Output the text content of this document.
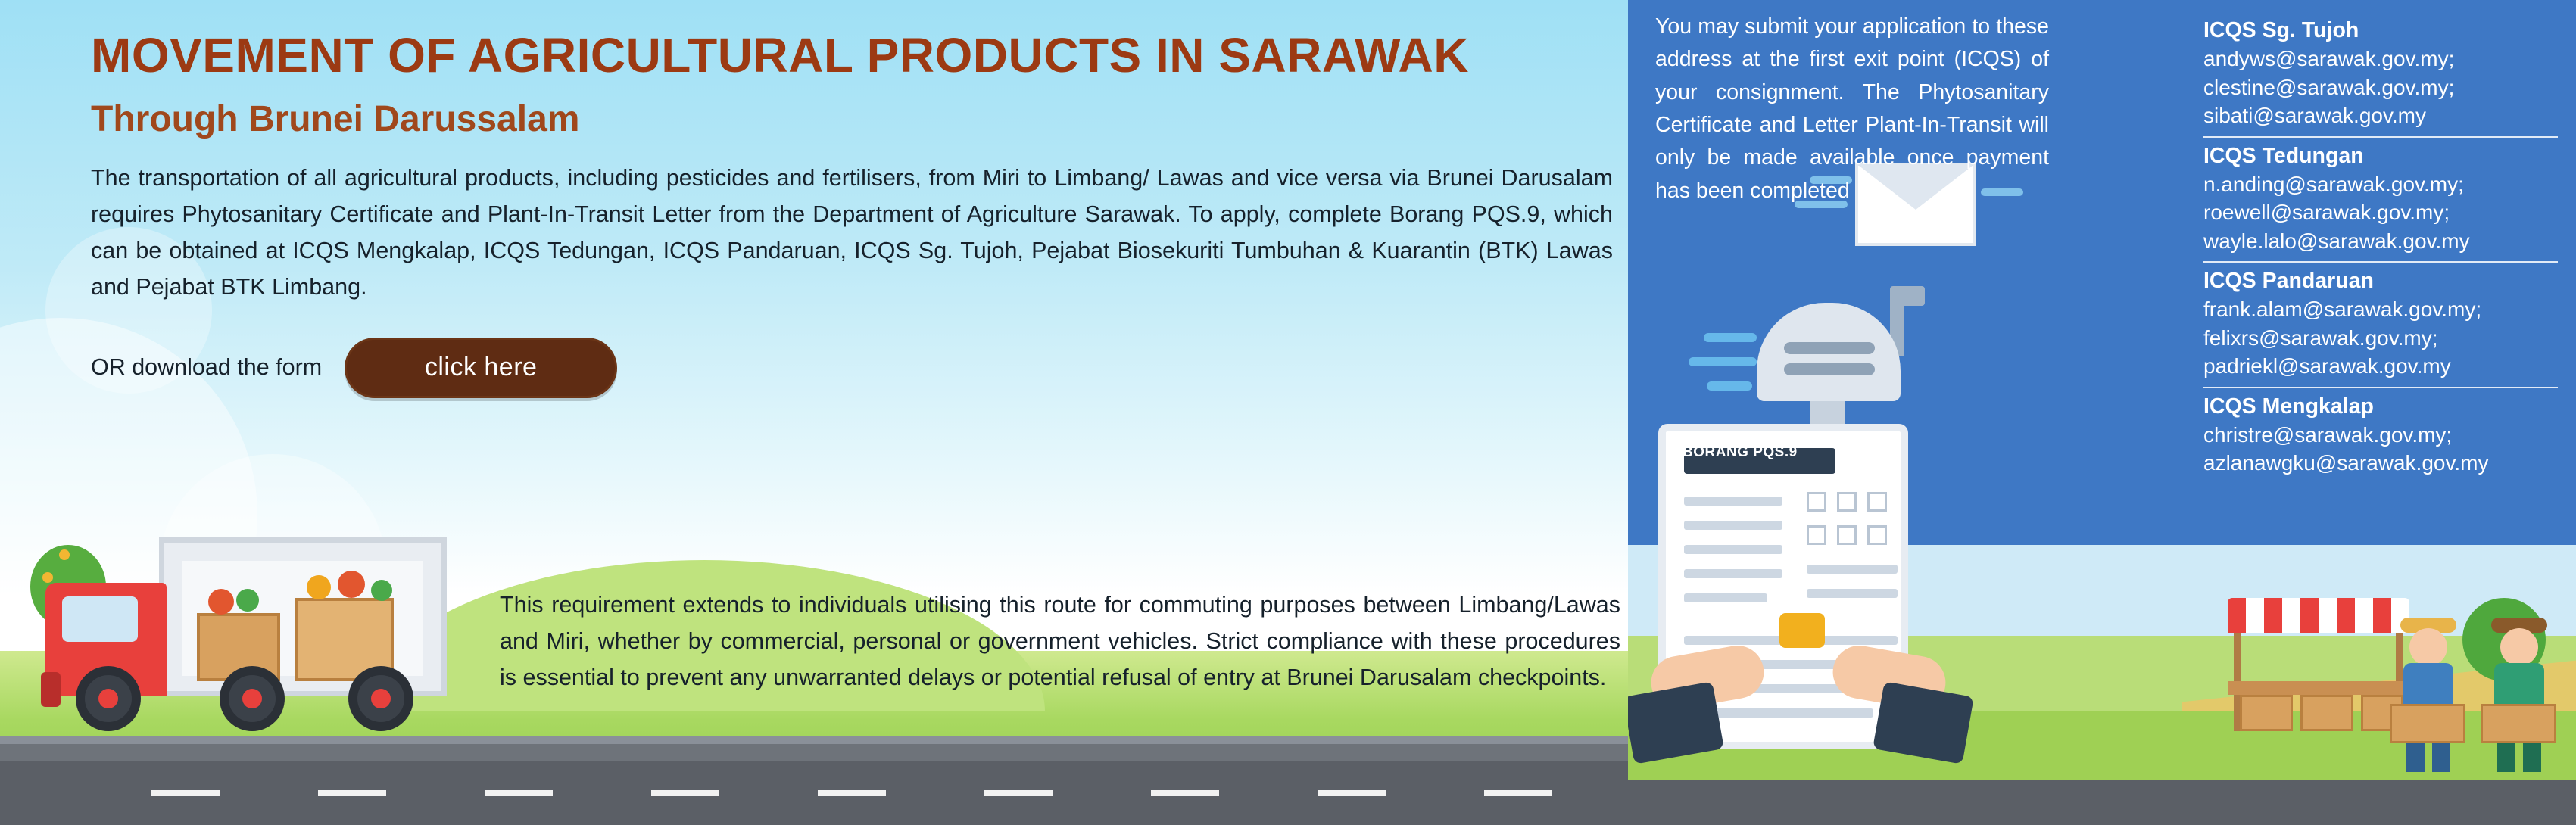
MOVEMENT OF AGRICULTURAL PRODUCTS IN SARAWAK
Through Brunei Darussalam
The transportation of all agricultural products, including pesticides and fertilisers, from Miri to Limbang/ Lawas and vice versa via Brunei Darusalam requires Phytosanitary Certificate and Plant-In-Transit Letter from the Department of Agriculture Sarawak. To apply, complete Borang PQS.9, which can be obtained at ICQS Mengkalap, ICQS Tedungan, ICQS Pandaruan, ICQS Sg. Tujoh, Pejabat Biosekuriti Tumbuhan & Kuarantin (BTK) Lawas and Pejabat BTK Limbang.
OR download the form	click here
This requirement extends to individuals utilising this route for commuting purposes between Limbang/Lawas and Miri, whether by commercial, personal or government vehicles. Strict compliance with these procedures is essential to prevent any unwarranted delays or potential refusal of entry at Brunei Darusalam checkpoints.
BORANG PQS.9
You may submit your application to these address at the first exit point (ICQS) of your consignment. The Phytosanitary Certificate and Letter Plant-In-Transit will only be made available once payment has been completed
ICQS Sg. Tujoh
andyws@sarawak.gov.my; clestine@sarawak.gov.my; sibati@sarawak.gov.my
ICQS Tedungan
n.anding@sarawak.gov.my; roewell@sarawak.gov.my; wayle.lalo@sarawak.gov.my
ICQS Pandaruan
frank.alam@sarawak.gov.my; felixrs@sarawak.gov.my; padriekl@sarawak.gov.my
ICQS Mengkalap
christre@sarawak.gov.my; azlanawgku@sarawak.gov.my
